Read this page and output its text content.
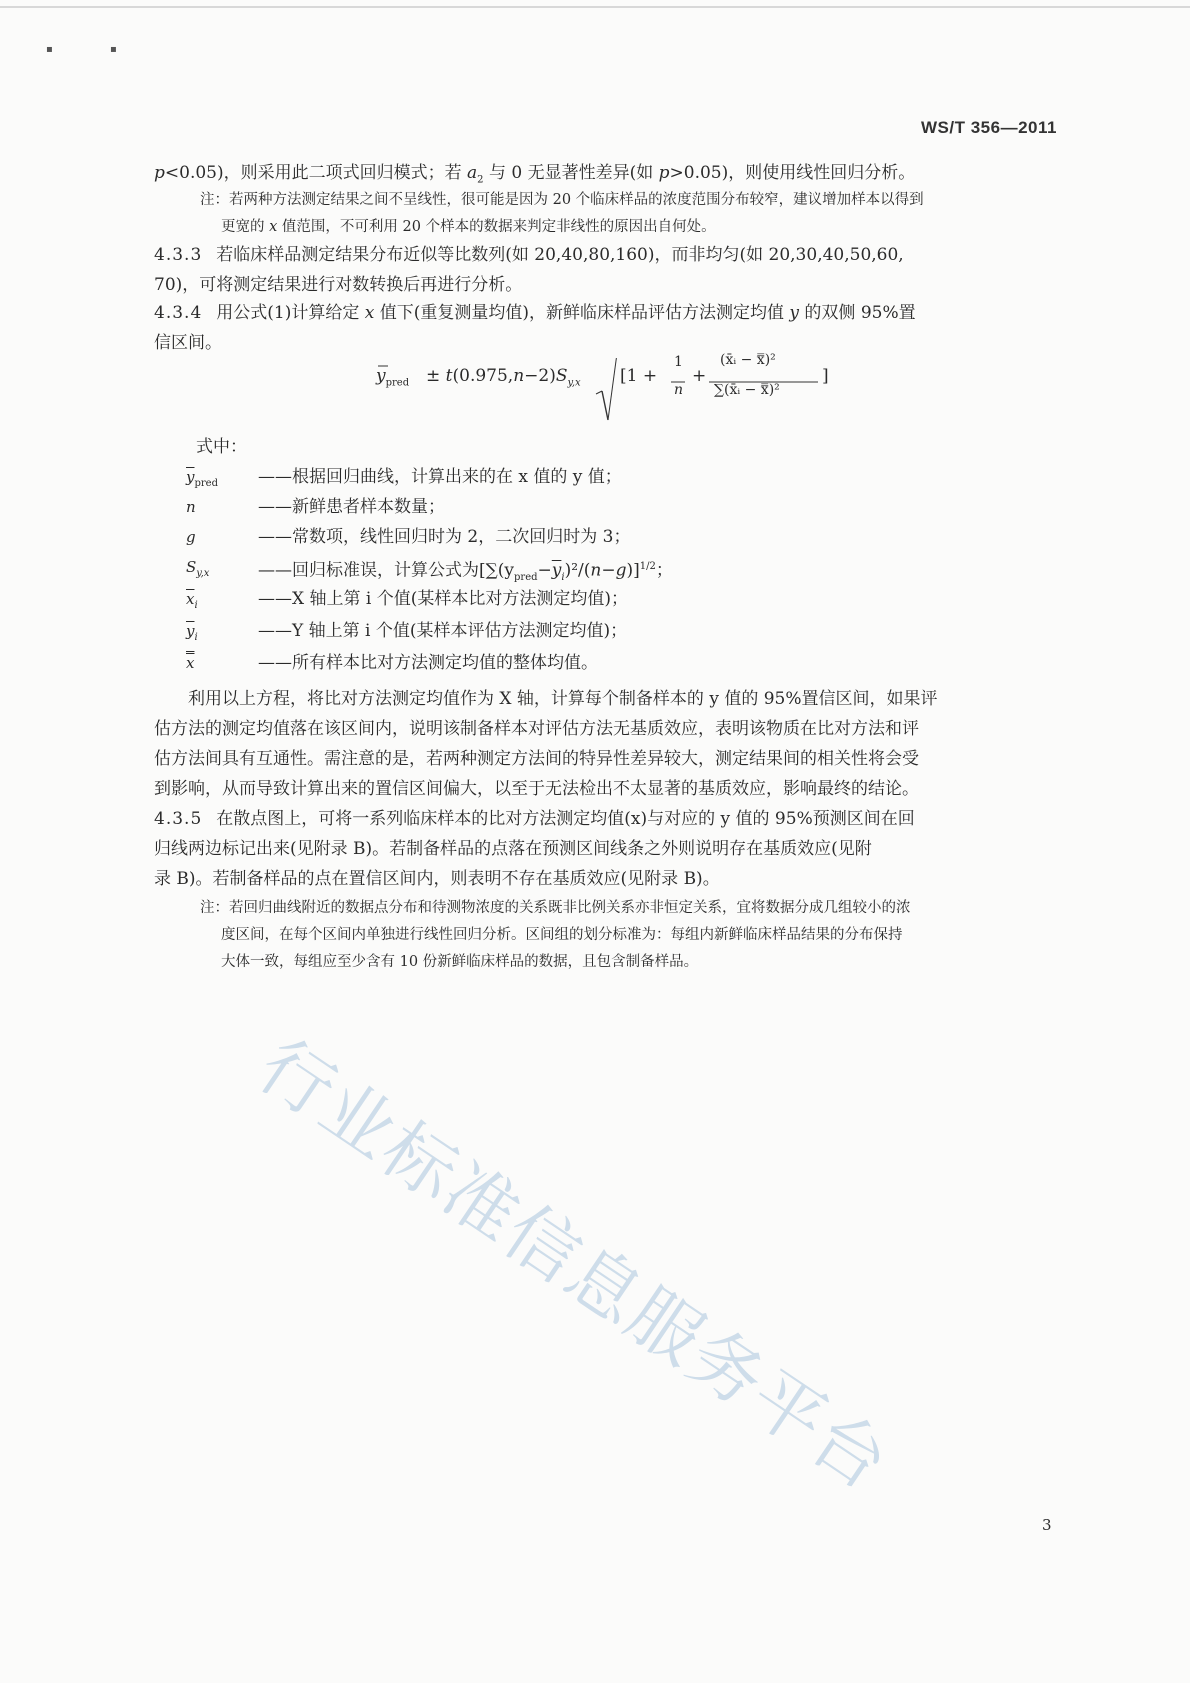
▪	▪
WS/T 356—2011
p<0.05)，则采用此二项式回归模式；若 $a_2$ 与 0 无显著性差异(如 p>0.05)，则使用线性回归分析。
注：若两种方法测定结果之间不呈线性，很可能是因为 20 个临床样品的浓度范围分布较窄，建议增加样本以得到
更宽的 x 值范围，不可利用 20 个样本的数据来判定非线性的原因出自何处。
4.3.3 若临床样品测定结果分布近似等比数列(如 20,40,80,160)，而非均匀(如 20,30,40,50,60,
70)，可将测定结果进行对数转换后再进行分析。
4.3.4 用公式(1)计算给定 x 值下(重复测量均值)，新鲜临床样品评估方法测定均值 y 的双侧 95%置
信区间。
$y_{pred} \pm t(0.975,n-2)S_{y,x}$ [1 +
1
n
+
(x̄ᵢ − x̿)²
∑(x̄ᵢ − x̿)²
]
式中：
$\overline{y}_{pred}$ ——根据回归曲线，计算出来的在 x 值的 y 值；
n	——新鲜患者样本数量；
g	——常数项，线性回归时为 2，二次回归时为 3；
$S_{y,x}$	——回归标准误，计算公式为$[\sum(y_{pred}-\overline{y}_i)^2/(n-g)]^{1/2}$；
$\overline{x}_i$	——X 轴上第 i 个值(某样本比对方法测定均值)；
$\overline{y}_i$	——Y 轴上第 i 个值(某样本评估方法测定均值)；
x	——所有样本比对方法测定均值的整体均值。
利用以上方程，将比对方法测定均值作为 X 轴，计算每个制备样本的 y 值的 95%置信区间，如果评
估方法的测定均值落在该区间内，说明该制备样本对评估方法无基质效应，表明该物质在比对方法和评
估方法间具有互通性。需注意的是，若两种测定方法间的特异性差异较大，测定结果间的相关性将会受
到影响，从而导致计算出来的置信区间偏大，以至于无法检出不太显著的基质效应，影响最终的结论。
4.3.5 在散点图上，可将一系列临床样本的比对方法测定均值(x)与对应的 y 值的 95%预测区间在回
归线两边标记出来(见附录 B)。若制备样品的点落在预测区间线条之外则说明存在基质效应(见附
录 B)。若制备样品的点在置信区间内，则表明不存在基质效应(见附录 B)。
注：若回归曲线附近的数据点分布和待测物浓度的关系既非比例关系亦非恒定关系，宜将数据分成几组较小的浓
度区间，在每个区间内单独进行线性回归分析。区间组的划分标准为：每组内新鲜临床样品结果的分布保持
大体一致，每组应至少含有 10 份新鲜临床样品的数据，且包含制备样品。
行业标准信息服务平台
3
